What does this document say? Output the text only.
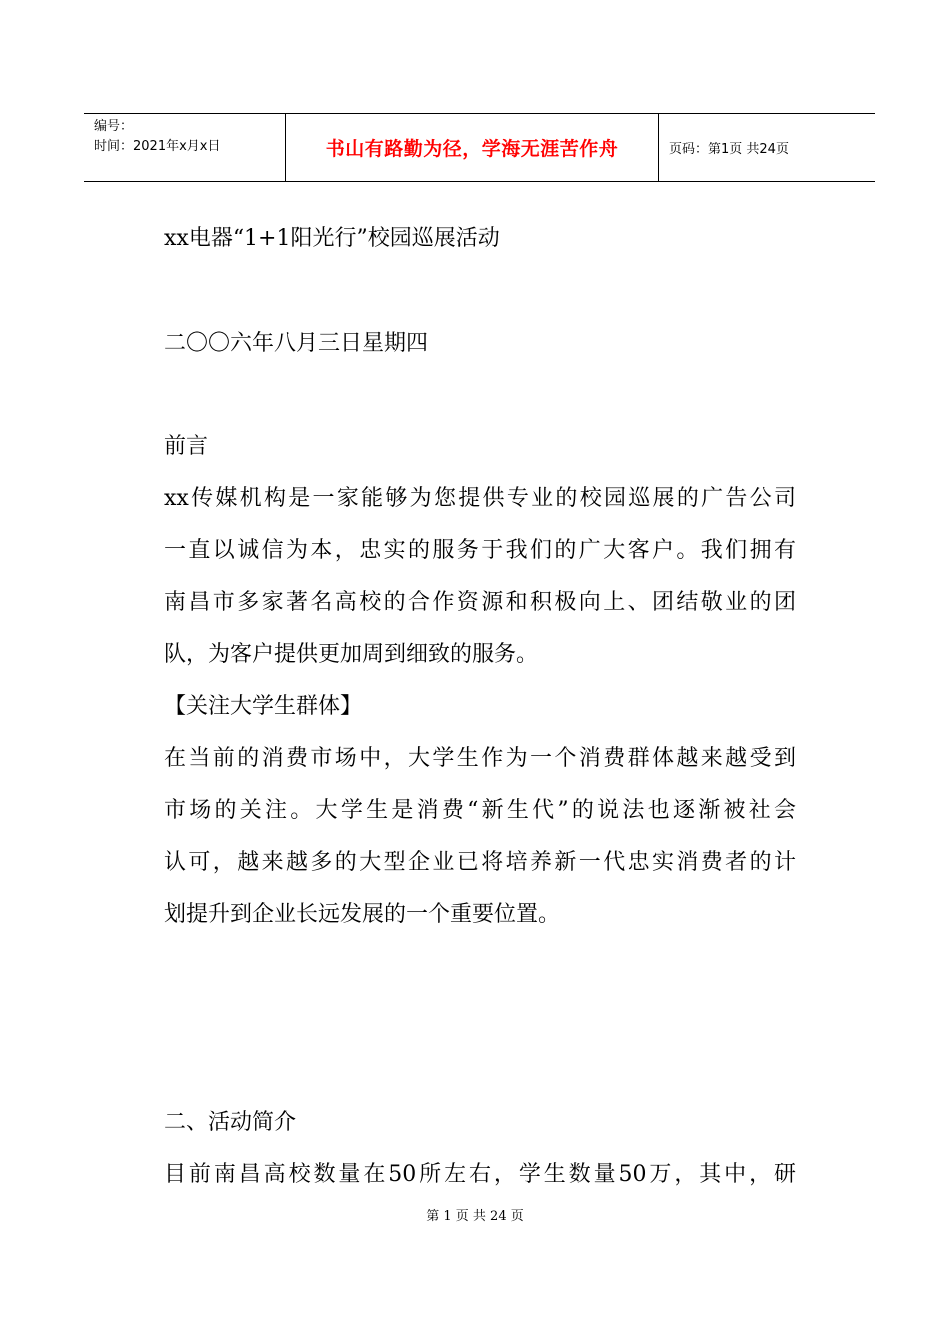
编号：
时间：2021年x月x日	书山有路勤为径，学海无涯苦作舟	页码：第1页 共24页
xx电器“1+1阳光行”校园巡展活动
二〇〇六年八月三日星期四
前言
xx传媒机构是一家能够为您提供专业的校园巡展的广告公司
一直以诚信为本，忠实的服务于我们的广大客户。我们拥有
南昌市多家著名高校的合作资源和积极向上、团结敬业的团
队，为客户提供更加周到细致的服务。
【关注大学生群体】
在当前的消费市场中，大学生作为一个消费群体越来越受到
市场的关注。大学生是消费“新生代”的说法也逐渐被社会
认可，越来越多的大型企业已将培养新一代忠实消费者的计
划提升到企业长远发展的一个重要位置。
二、活动简介
目前南昌高校数量在50所左右，学生数量50万，其中，研
第 1 页 共 24 页
